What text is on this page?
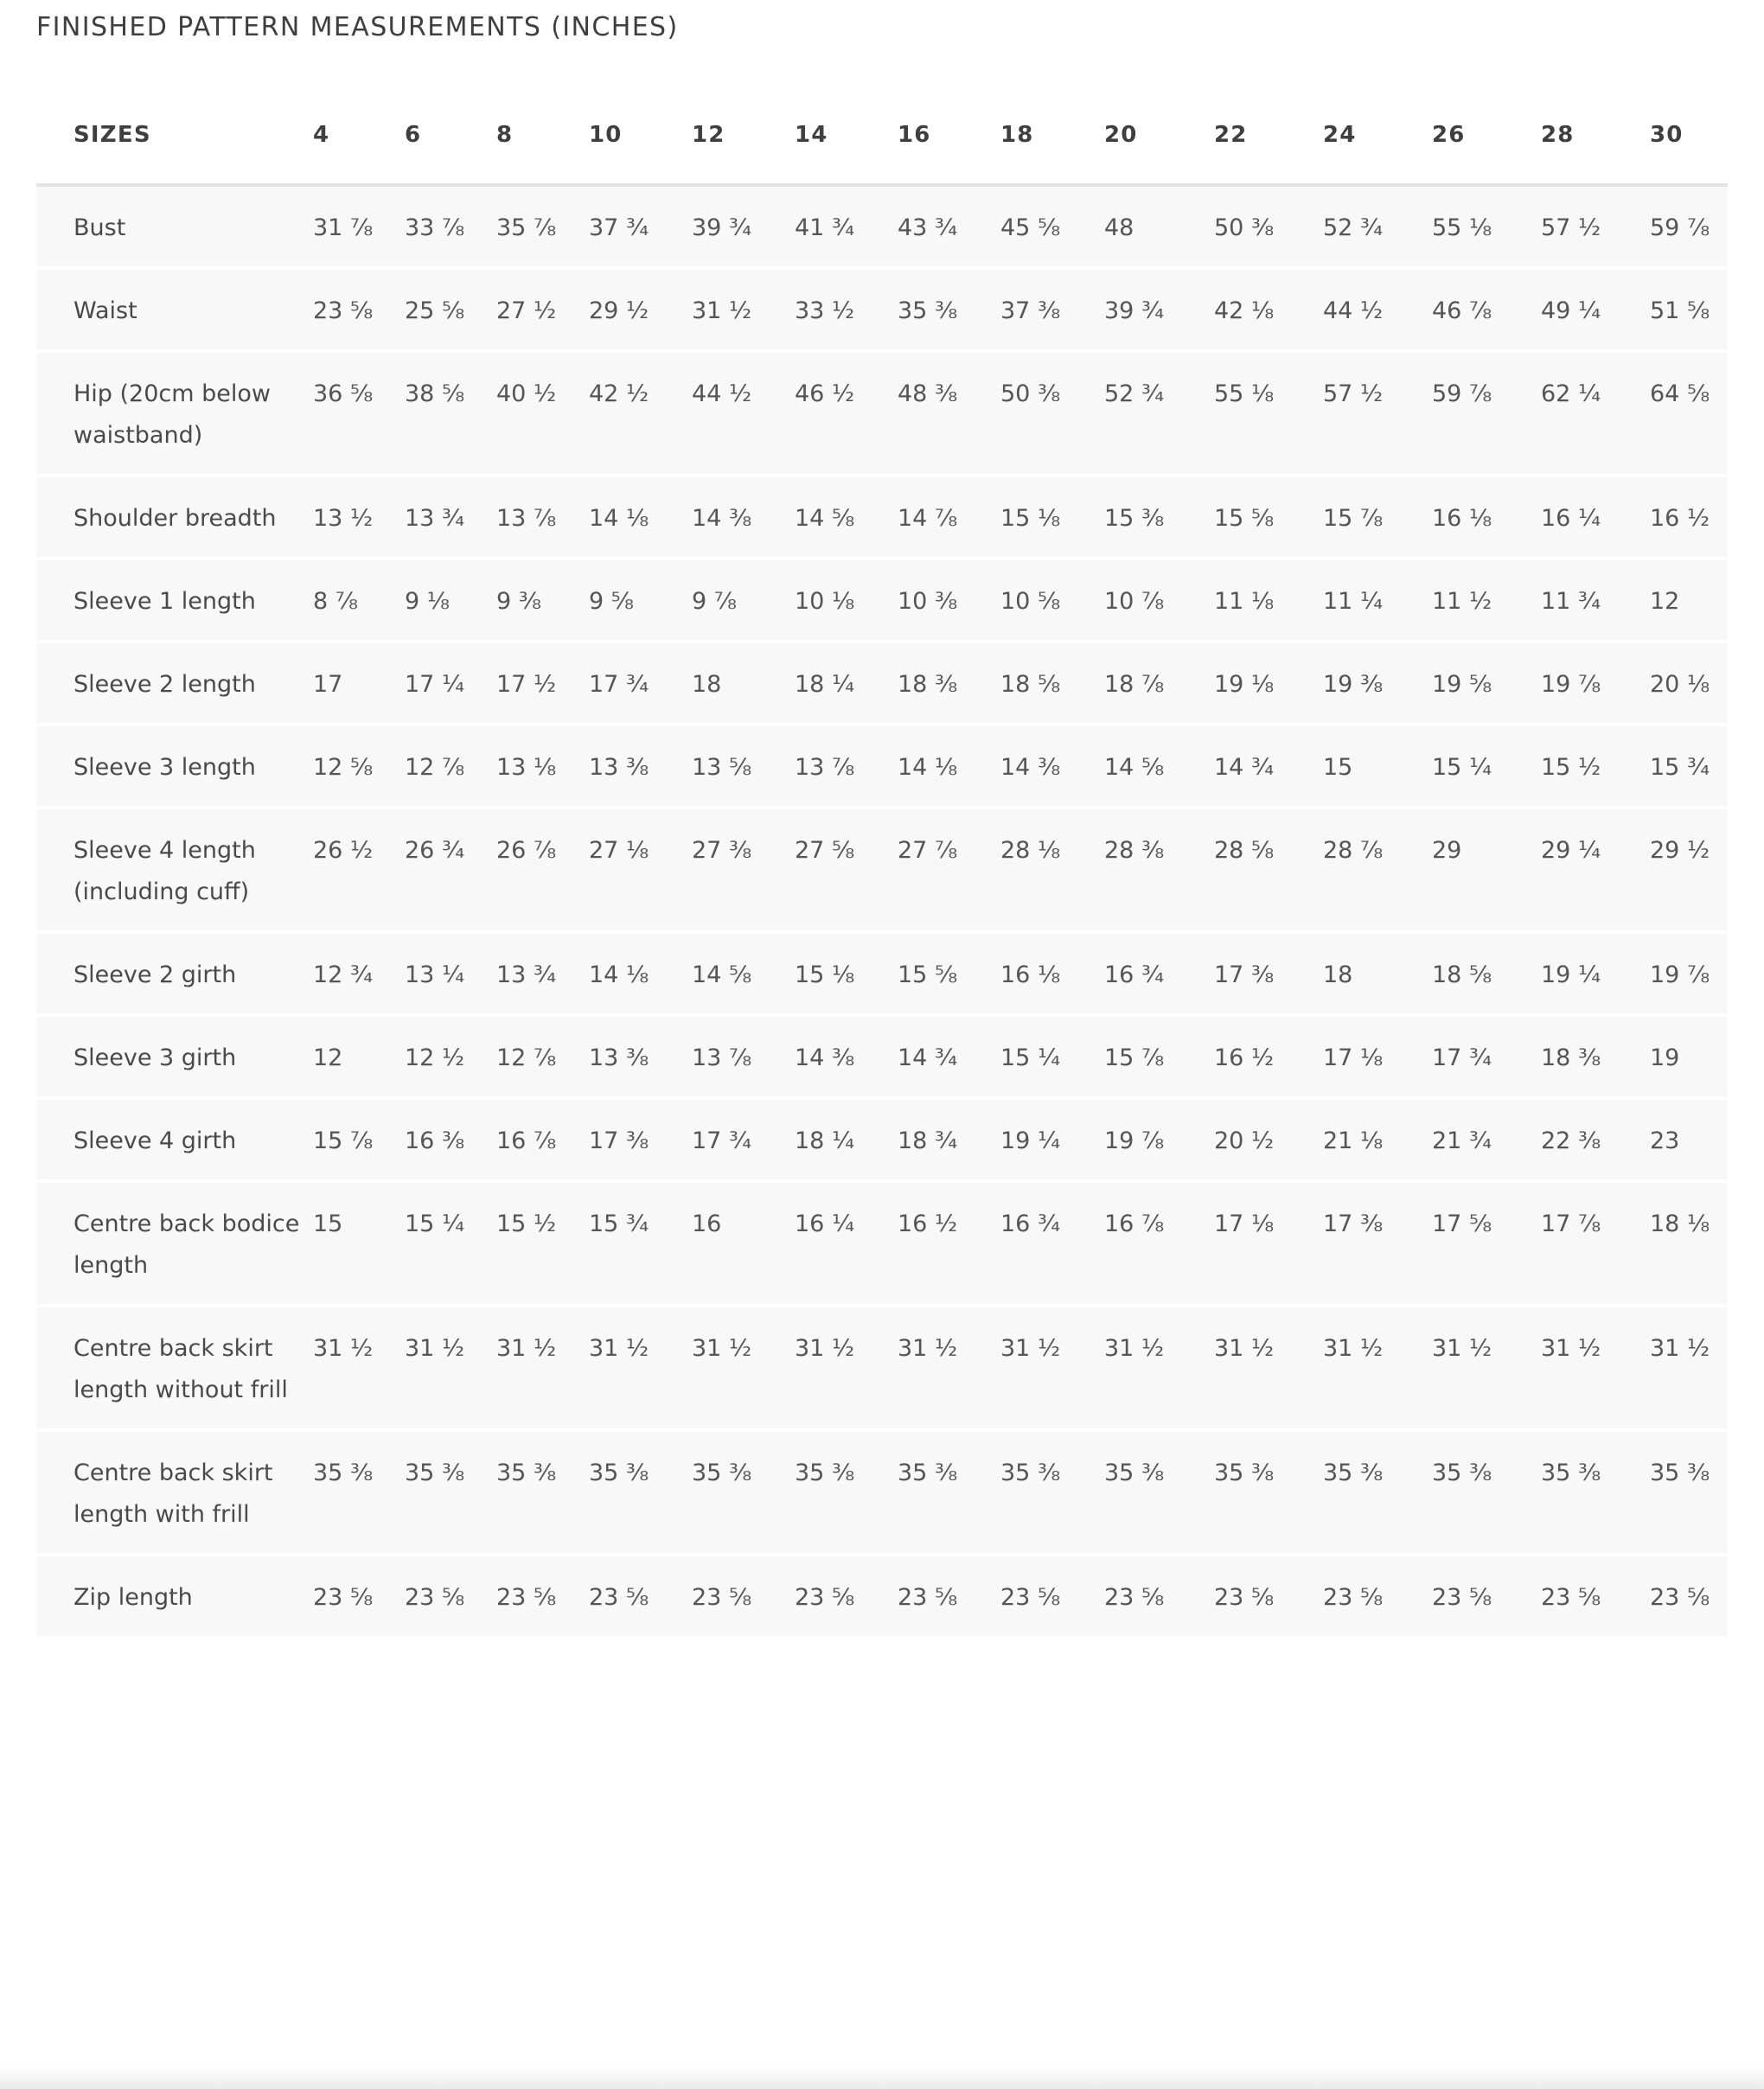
FINISHED PATTERN MEASUREMENTS (INCHES)
SIZES	4	6	8	10	12	14	16	18	20	22	24	26	28	30
Bust	31 ⅞	33 ⅞	35 ⅞	37 ¾	39 ¾	41 ¾	43 ¾	45 ⅝	48	50 ⅜	52 ¾	55 ⅛	57 ½	59 ⅞
Waist	23 ⅝	25 ⅝	27 ½	29 ½	31 ½	33 ½	35 ⅜	37 ⅜	39 ¾	42 ⅛	44 ½	46 ⅞	49 ¼	51 ⅝
Hip (20cm below waistband)	36 ⅝	38 ⅝	40 ½	42 ½	44 ½	46 ½	48 ⅜	50 ⅜	52 ¾	55 ⅛	57 ½	59 ⅞	62 ¼	64 ⅝
Shoulder breadth	13 ½	13 ¾	13 ⅞	14 ⅛	14 ⅜	14 ⅝	14 ⅞	15 ⅛	15 ⅜	15 ⅝	15 ⅞	16 ⅛	16 ¼	16 ½
Sleeve 1 length	8 ⅞	9 ⅛	9 ⅜	9 ⅝	9 ⅞	10 ⅛	10 ⅜	10 ⅝	10 ⅞	11 ⅛	11 ¼	11 ½	11 ¾	12
Sleeve 2 length	17	17 ¼	17 ½	17 ¾	18	18 ¼	18 ⅜	18 ⅝	18 ⅞	19 ⅛	19 ⅜	19 ⅝	19 ⅞	20 ⅛
Sleeve 3 length	12 ⅝	12 ⅞	13 ⅛	13 ⅜	13 ⅝	13 ⅞	14 ⅛	14 ⅜	14 ⅝	14 ¾	15	15 ¼	15 ½	15 ¾
Sleeve 4 length (including cuff)	26 ½	26 ¾	26 ⅞	27 ⅛	27 ⅜	27 ⅝	27 ⅞	28 ⅛	28 ⅜	28 ⅝	28 ⅞	29	29 ¼	29 ½
Sleeve 2 girth	12 ¾	13 ¼	13 ¾	14 ⅛	14 ⅝	15 ⅛	15 ⅝	16 ⅛	16 ¾	17 ⅜	18	18 ⅝	19 ¼	19 ⅞
Sleeve 3 girth	12	12 ½	12 ⅞	13 ⅜	13 ⅞	14 ⅜	14 ¾	15 ¼	15 ⅞	16 ½	17 ⅛	17 ¾	18 ⅜	19
Sleeve 4 girth	15 ⅞	16 ⅜	16 ⅞	17 ⅜	17 ¾	18 ¼	18 ¾	19 ¼	19 ⅞	20 ½	21 ⅛	21 ¾	22 ⅜	23
Centre back bodice length	15	15 ¼	15 ½	15 ¾	16	16 ¼	16 ½	16 ¾	16 ⅞	17 ⅛	17 ⅜	17 ⅝	17 ⅞	18 ⅛
Centre back skirt length without frill	31 ½	31 ½	31 ½	31 ½	31 ½	31 ½	31 ½	31 ½	31 ½	31 ½	31 ½	31 ½	31 ½	31 ½
Centre back skirt length with frill	35 ⅜	35 ⅜	35 ⅜	35 ⅜	35 ⅜	35 ⅜	35 ⅜	35 ⅜	35 ⅜	35 ⅜	35 ⅜	35 ⅜	35 ⅜	35 ⅜
Zip length	23 ⅝	23 ⅝	23 ⅝	23 ⅝	23 ⅝	23 ⅝	23 ⅝	23 ⅝	23 ⅝	23 ⅝	23 ⅝	23 ⅝	23 ⅝	23 ⅝
